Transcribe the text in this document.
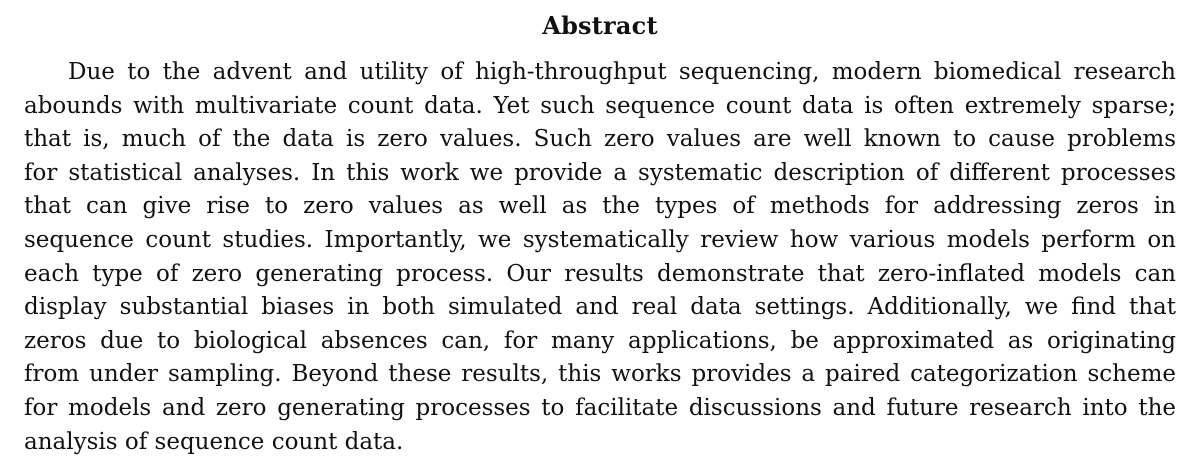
Abstract
Due to the advent and utility of high-throughput sequencing, modern biomedical research
abounds with multivariate count data. Yet such sequence count data is often extremely sparse;
that is, much of the data is zero values. Such zero values are well known to cause problems
for statistical analyses. In this work we provide a systematic description of different processes
that can give rise to zero values as well as the types of methods for addressing zeros in
sequence count studies. Importantly, we systematically review how various models perform on
each type of zero generating process. Our results demonstrate that zero-inflated models can
display substantial biases in both simulated and real data settings. Additionally, we find that
zeros due to biological absences can, for many applications, be approximated as originating
from under sampling. Beyond these results, this works provides a paired categorization scheme
for models and zero generating processes to facilitate discussions and future research into the
analysis of sequence count data.
